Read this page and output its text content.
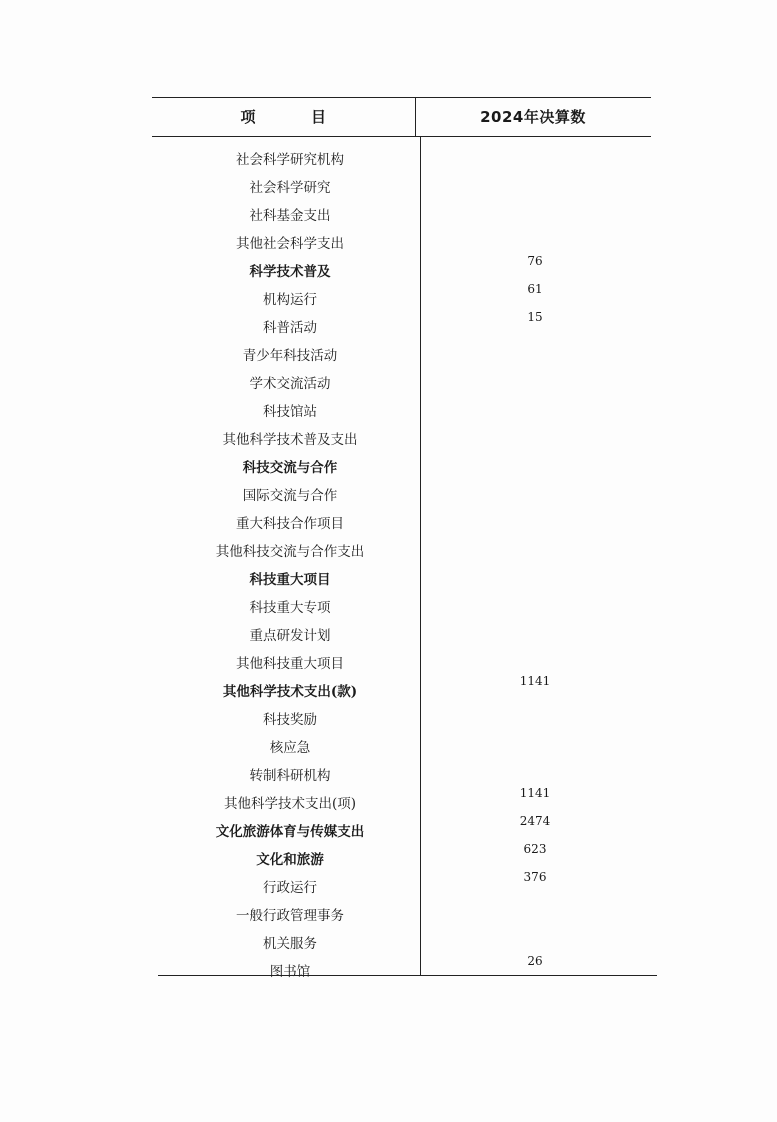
项	目	2024年决算数
社会科学研究机构
社会科学研究
社科基金支出
其他社会科学支出
科学技术普及
76
机构运行
61
科普活动
15
青少年科技活动
学术交流活动
科技馆站
其他科学技术普及支出
科技交流与合作
国际交流与合作
重大科技合作项目
其他科技交流与合作支出
科技重大项目
科技重大专项
重点研发计划
其他科技重大项目
其他科学技术支出(款)
1141
科技奖励
核应急
转制科研机构
其他科学技术支出(项)
1141
文化旅游体育与传媒支出
2474
文化和旅游
623
行政运行
376
一般行政管理事务
机关服务
图书馆
26
